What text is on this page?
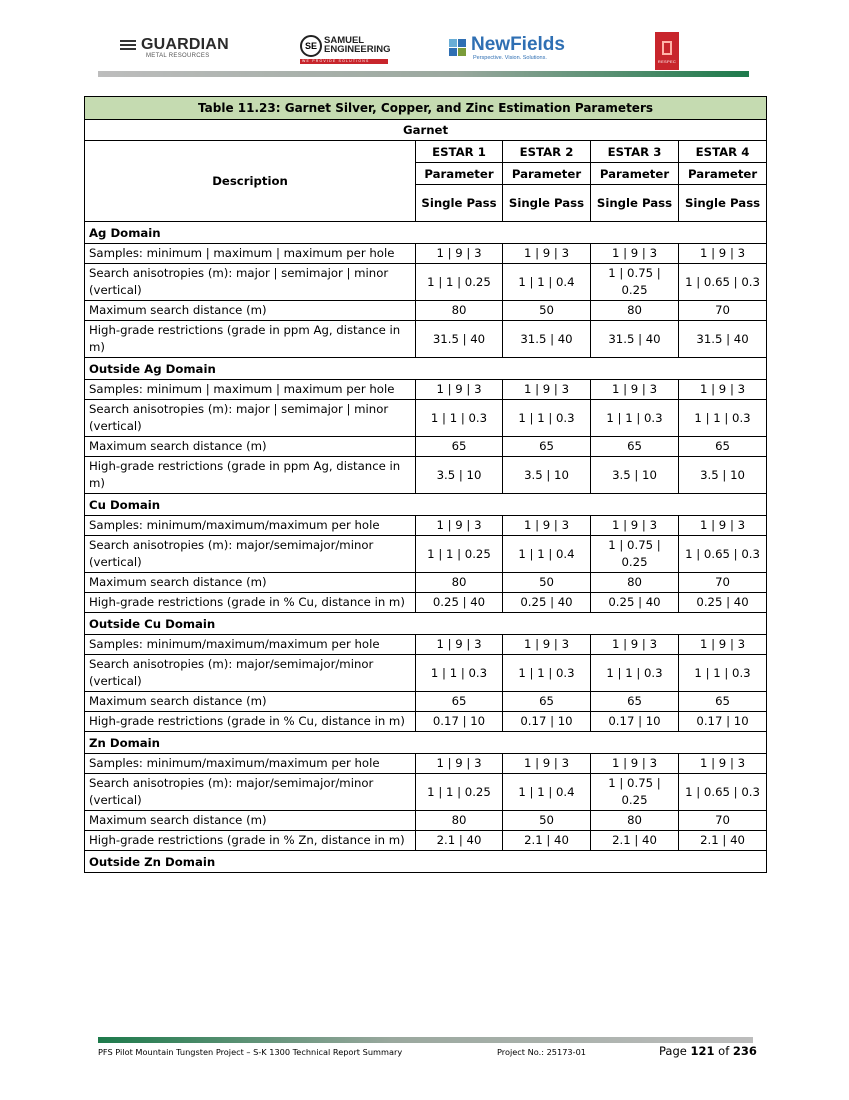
GUARDIAN
METAL RESOURCES
SE SAMUEL
ENGINEERING
WE PROVIDE SOLUTIONS
NewFields
Perspective. Vision. Solutions.
RESPEC
Table 11.23: Garnet Silver, Copper, and Zinc Estimation Parameters				
Garnet				
Description	ESTAR 1	ESTAR 2	ESTAR 3	ESTAR 4
	Parameter	Parameter	Parameter	Parameter
	Single Pass	Single Pass	Single Pass	Single Pass
Ag Domain				
Samples: minimum | maximum | maximum per hole	1 | 9 | 3	1 | 9 | 3	1 | 9 | 3	1 | 9 | 3
Search anisotropies (m): major | semimajor | minor (vertical)	1 | 1 | 0.25	1 | 1 | 0.4	1 | 0.75 | 0.25	1 | 0.65 | 0.3
Maximum search distance (m)	80	50	80	70
High-grade restrictions (grade in ppm Ag, distance in m)	31.5 | 40	31.5 | 40	31.5 | 40	31.5 | 40
Outside Ag Domain				
Samples: minimum | maximum | maximum per hole	1 | 9 | 3	1 | 9 | 3	1 | 9 | 3	1 | 9 | 3
Search anisotropies (m): major | semimajor | minor (vertical)	1 | 1 | 0.3	1 | 1 | 0.3	1 | 1 | 0.3	1 | 1 | 0.3
Maximum search distance (m)	65	65	65	65
High-grade restrictions (grade in ppm Ag, distance in m)	3.5 | 10	3.5 | 10	3.5 | 10	3.5 | 10
Cu Domain				
Samples: minimum/maximum/maximum per hole	1 | 9 | 3	1 | 9 | 3	1 | 9 | 3	1 | 9 | 3
Search anisotropies (m): major/semimajor/minor (vertical)	1 | 1 | 0.25	1 | 1 | 0.4	1 | 0.75 | 0.25	1 | 0.65 | 0.3
Maximum search distance (m)	80	50	80	70
High-grade restrictions (grade in % Cu, distance in m)	0.25 | 40	0.25 | 40	0.25 | 40	0.25 | 40
Outside Cu Domain				
Samples: minimum/maximum/maximum per hole	1 | 9 | 3	1 | 9 | 3	1 | 9 | 3	1 | 9 | 3
Search anisotropies (m): major/semimajor/minor (vertical)	1 | 1 | 0.3	1 | 1 | 0.3	1 | 1 | 0.3	1 | 1 | 0.3
Maximum search distance (m)	65	65	65	65
High-grade restrictions (grade in % Cu, distance in m)	0.17 | 10	0.17 | 10	0.17 | 10	0.17 | 10
Zn Domain				
Samples: minimum/maximum/maximum per hole	1 | 9 | 3	1 | 9 | 3	1 | 9 | 3	1 | 9 | 3
Search anisotropies (m): major/semimajor/minor (vertical)	1 | 1 | 0.25	1 | 1 | 0.4	1 | 0.75 | 0.25	1 | 0.65 | 0.3
Maximum search distance (m)	80	50	80	70
High-grade restrictions (grade in % Zn, distance in m)	2.1 | 40	2.1 | 40	2.1 | 40	2.1 | 40
Outside Zn Domain				
PFS Pilot Mountain Tungsten Project – S-K 1300 Technical Report Summary	Project No.: 25173-01	Page 121 of 236
